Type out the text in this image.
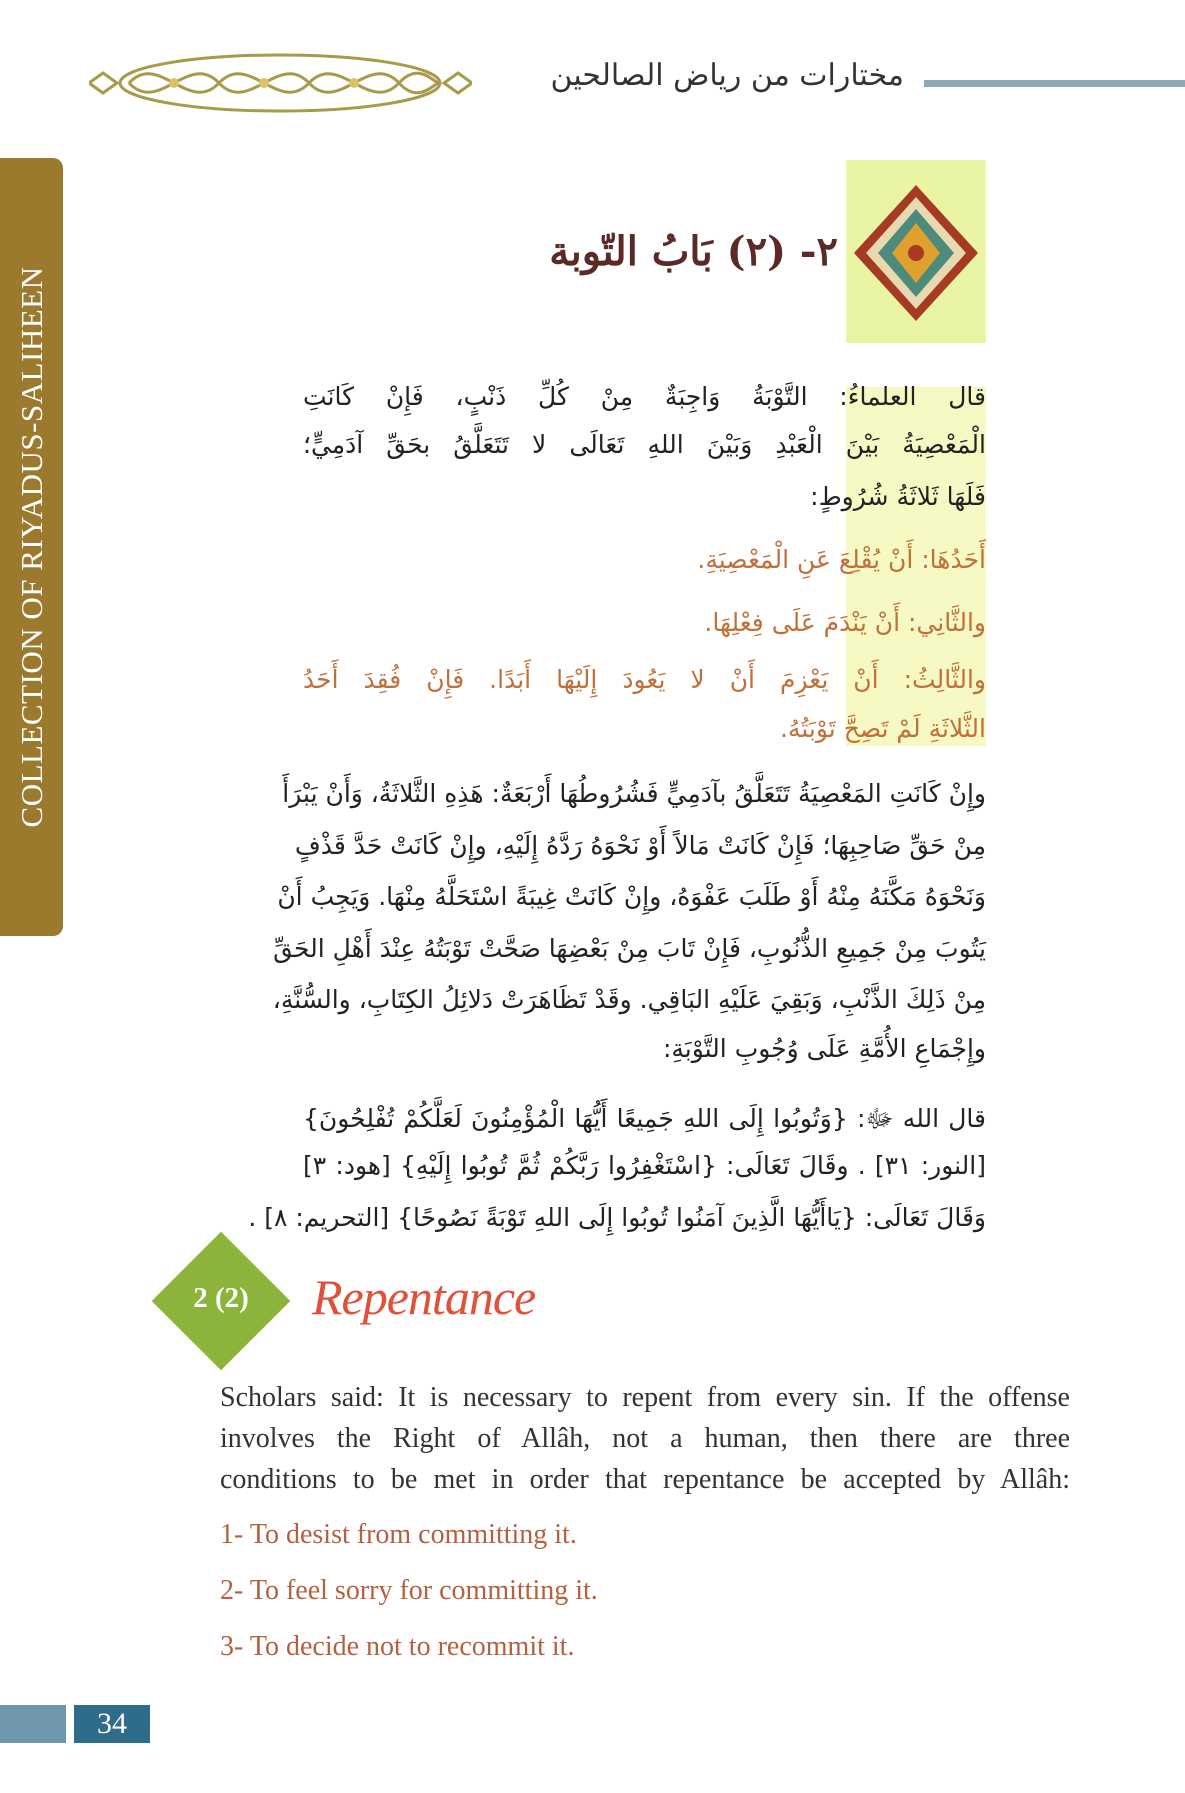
مختارات من رياض الصالحين
COLLECTION OF RIYADUS-SALIHEEN
٢- (٢) بَابُ التّوبة
قال العلماءُ: التَّوْبَةُ وَاجِبَةٌ مِنْ كُلِّ ذَنْبٍ، فَإِنْ كَانَتِ
الْمَعْصِيَةُ بَيْنَ الْعَبْدِ وَبَيْنَ اللهِ تَعَالَى لا تَتَعَلَّقُ بحَقِّ آدَمِيٍّ؛
فَلَهَا ثَلاثَةُ شُرُوطٍ:
أَحَدُهَا: أَنْ يُقْلِعَ عَنِ الْمَعْصِيَةِ.
والثَّانِي: أَنْ يَنْدَمَ عَلَى فِعْلِهَا.
والثَّالِثُ: أَنْ يَعْزِمَ أَنْ لا يَعُودَ إِلَيْهَا أَبَدًا. فَإِنْ فُقِدَ أَحَدُ
الثَّلاثَةِ لَمْ تَصِحَّ تَوْبَتُهُ.
وإِنْ كَانَتِ المَعْصِيَةُ تَتَعَلَّقُ بآدَمِيٍّ فَشُرُوطُهَا أَرْبَعَةٌ: هَذِهِ الثَّلاثَةُ، وَأَنْ يَبْرَأَ
مِنْ حَقِّ صَاحِبِهَا؛ فَإِنْ كَانَتْ مَالاً أَوْ نَحْوَهُ رَدَّهُ إِلَيْهِ، وإِنْ كَانَتْ حَدَّ قَذْفٍ
وَنَحْوَهُ مَكَّنَهُ مِنْهُ أَوْ طَلَبَ عَفْوَهُ، وإِنْ كَانَتْ غِيبَةً اسْتَحَلَّهُ مِنْهَا. وَيَجِبُ أَنْ
يَتُوبَ مِنْ جَمِيعِ الذُّنُوبِ، فَإِنْ تَابَ مِنْ بَعْضِهَا صَحَّتْ تَوْبَتُهُ عِنْدَ أَهْلِ الحَقِّ
مِنْ ذَلِكَ الذَّنْبِ، وَبَقِيَ عَلَيْهِ البَاقِي. وقَدْ تَظَاهَرَتْ دَلائِلُ الكِتَابِ، والسُّنَّةِ،
وإِجْمَاعِ الأُمَّةِ عَلَى وُجُوبِ التَّوْبَةِ:
قال الله ﷻ: {وَتُوبُوا إِلَى اللهِ جَمِيعًا أَيُّهَا الْمُؤْمِنُونَ لَعَلَّكُمْ تُفْلِحُونَ}
[النور: ٣١] . وقَالَ تَعَالَى: {اسْتَغْفِرُوا رَبَّكُمْ ثُمَّ تُوبُوا إِلَيْهِ} [هود: ٣]
وَقَالَ تَعَالَى: {يَاأَيُّهَا الَّذِينَ آمَنُوا تُوبُوا إِلَى اللهِ تَوْبَةً نَصُوحًا} [التحريم: ٨] .
2 (2)	Repentance
Scholars said: It is necessary to repent from every sin. If the offense
involves the Right of Allâh, not a human, then there are three
conditions to be met in order that repentance be accepted by Allâh:
1- To desist from committing it.
2- To feel sorry for committing it.
3- To decide not to recommit it.
34
